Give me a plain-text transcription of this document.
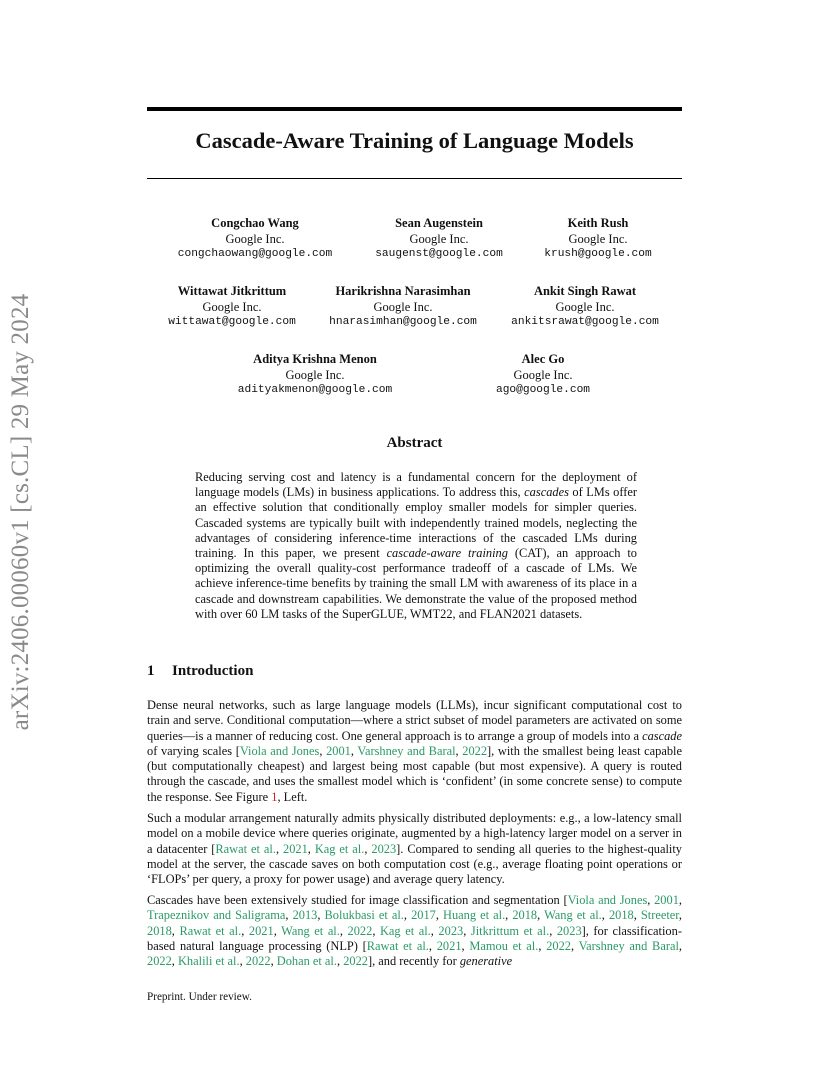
arXiv:2406.00060v1 [cs.CL] 29 May 2024
Cascade-Aware Training of Language Models
Congchao Wang
Google Inc.
congchaowang@google.com
Sean Augenstein
Google Inc.
saugenst@google.com
Keith Rush
Google Inc.
krush@google.com
Wittawat Jitkrittum
Google Inc.
wittawat@google.com
Harikrishna Narasimhan
Google Inc.
hnarasimhan@google.com
Ankit Singh Rawat
Google Inc.
ankitsrawat@google.com
Aditya Krishna Menon
Google Inc.
adityakmenon@google.com
Alec Go
Google Inc.
ago@google.com
Abstract
Reducing serving cost and latency is a fundamental concern for the deployment of language models (LMs) in business applications. To address this, cascades of LMs offer an effective solution that conditionally employ smaller models for simpler queries. Cascaded systems are typically built with independently trained models, neglecting the advantages of considering inference-time interactions of the cascaded LMs during training. In this paper, we present cascade-aware training (CAT), an approach to optimizing the overall quality-cost performance tradeoff of a cascade of LMs. We achieve inference-time benefits by training the small LM with awareness of its place in a cascade and downstream capabilities. We demonstrate the value of the proposed method with over 60 LM tasks of the SuperGLUE, WMT22, and FLAN2021 datasets.
1 Introduction
Dense neural networks, such as large language models (LLMs), incur significant computational cost to train and serve. Conditional computation—where a strict subset of model parameters are activated on some queries—is a manner of reducing cost. One general approach is to arrange a group of models into a cascade of varying scales [Viola and Jones, 2001, Varshney and Baral, 2022], with the smallest being least capable (but computationally cheapest) and largest being most capable (but most expensive). A query is routed through the cascade, and uses the smallest model which is ‘confident’ (in some concrete sense) to compute the response. See Figure 1, Left.
Such a modular arrangement naturally admits physically distributed deployments: e.g., a low-latency small model on a mobile device where queries originate, augmented by a high-latency larger model on a server in a datacenter [Rawat et al., 2021, Kag et al., 2023]. Compared to sending all queries to the highest-quality model at the server, the cascade saves on both computation cost (e.g., average floating point operations or ‘FLOPs’ per query, a proxy for power usage) and average query latency.
Cascades have been extensively studied for image classification and segmentation [Viola and Jones, 2001, Trapeznikov and Saligrama, 2013, Bolukbasi et al., 2017, Huang et al., 2018, Wang et al., 2018, Streeter, 2018, Rawat et al., 2021, Wang et al., 2022, Kag et al., 2023, Jitkrittum et al., 2023], for classification-based natural language processing (NLP) [Rawat et al., 2021, Mamou et al., 2022, Varshney and Baral, 2022, Khalili et al., 2022, Dohan et al., 2022], and recently for generative
Preprint. Under review.
